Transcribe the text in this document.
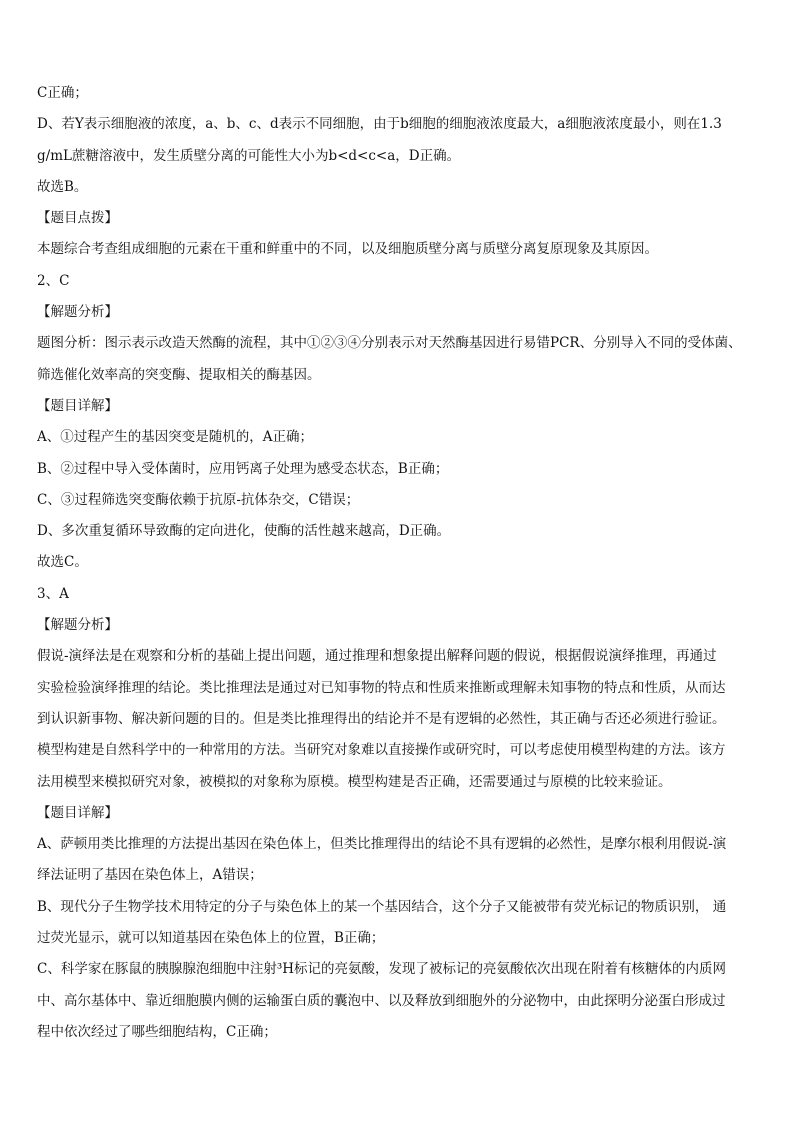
C正确；
D、若Y表示细胞液的浓度，a、b、c、d表示不同细胞，由于b细胞的细胞液浓度最大，a细胞液浓度最小，则在1.3
g/mL蔗糖溶液中，发生质壁分离的可能性大小为b<d<c<a，D正确。
故选B。
【题目点拨】
本题综合考查组成细胞的元素在干重和鲜重中的不同，以及细胞质壁分离与质壁分离复原现象及其原因。
2、C
【解题分析】
题图分析：图示表示改造天然酶的流程，其中①②③④分别表示对天然酶基因进行易错PCR、分别导入不同的受体菌、
筛选催化效率高的突变酶、提取相关的酶基因。
【题目详解】
A、①过程产生的基因突变是随机的，A正确；
B、②过程中导入受体菌时，应用钙离子处理为感受态状态，B正确；
C、③过程筛选突变酶依赖于抗原-抗体杂交，C错误；
D、多次重复循环导致酶的定向进化，使酶的活性越来越高，D正确。
故选C。
3、A
【解题分析】
假说-演绎法是在观察和分析的基础上提出问题，通过推理和想象提出解释问题的假说，根据假说演绎推理，再通过
实验检验演绎推理的结论。类比推理法是通过对已知事物的特点和性质来推断或理解未知事物的特点和性质，从而达
到认识新事物、解决新问题的目的。但是类比推理得出的结论并不是有逻辑的必然性，其正确与否还必须进行验证。
模型构建是自然科学中的一种常用的方法。当研究对象难以直接操作或研究时，可以考虑使用模型构建的方法。该方
法用模型来模拟研究对象，被模拟的对象称为原模。模型构建是否正确，还需要通过与原模的比较来验证。
【题目详解】
A、萨顿用类比推理的方法提出基因在染色体上，但类比推理得出的结论不具有逻辑的必然性，是摩尔根利用假说-演
绎法证明了基因在染色体上，A错误；
B、现代分子生物学技术用特定的分子与染色体上的某一个基因结合，这个分子又能被带有荧光标记的物质识别， 通
过荧光显示，就可以知道基因在染色体上的位置，B正确；
C、科学家在豚鼠的胰腺腺泡细胞中注射³H标记的亮氨酸，发现了被标记的亮氨酸依次出现在附着有核糖体的内质网
中、高尔基体中、靠近细胞膜内侧的运输蛋白质的囊泡中、以及释放到细胞外的分泌物中，由此探明分泌蛋白形成过
程中依次经过了哪些细胞结构，C正确；
